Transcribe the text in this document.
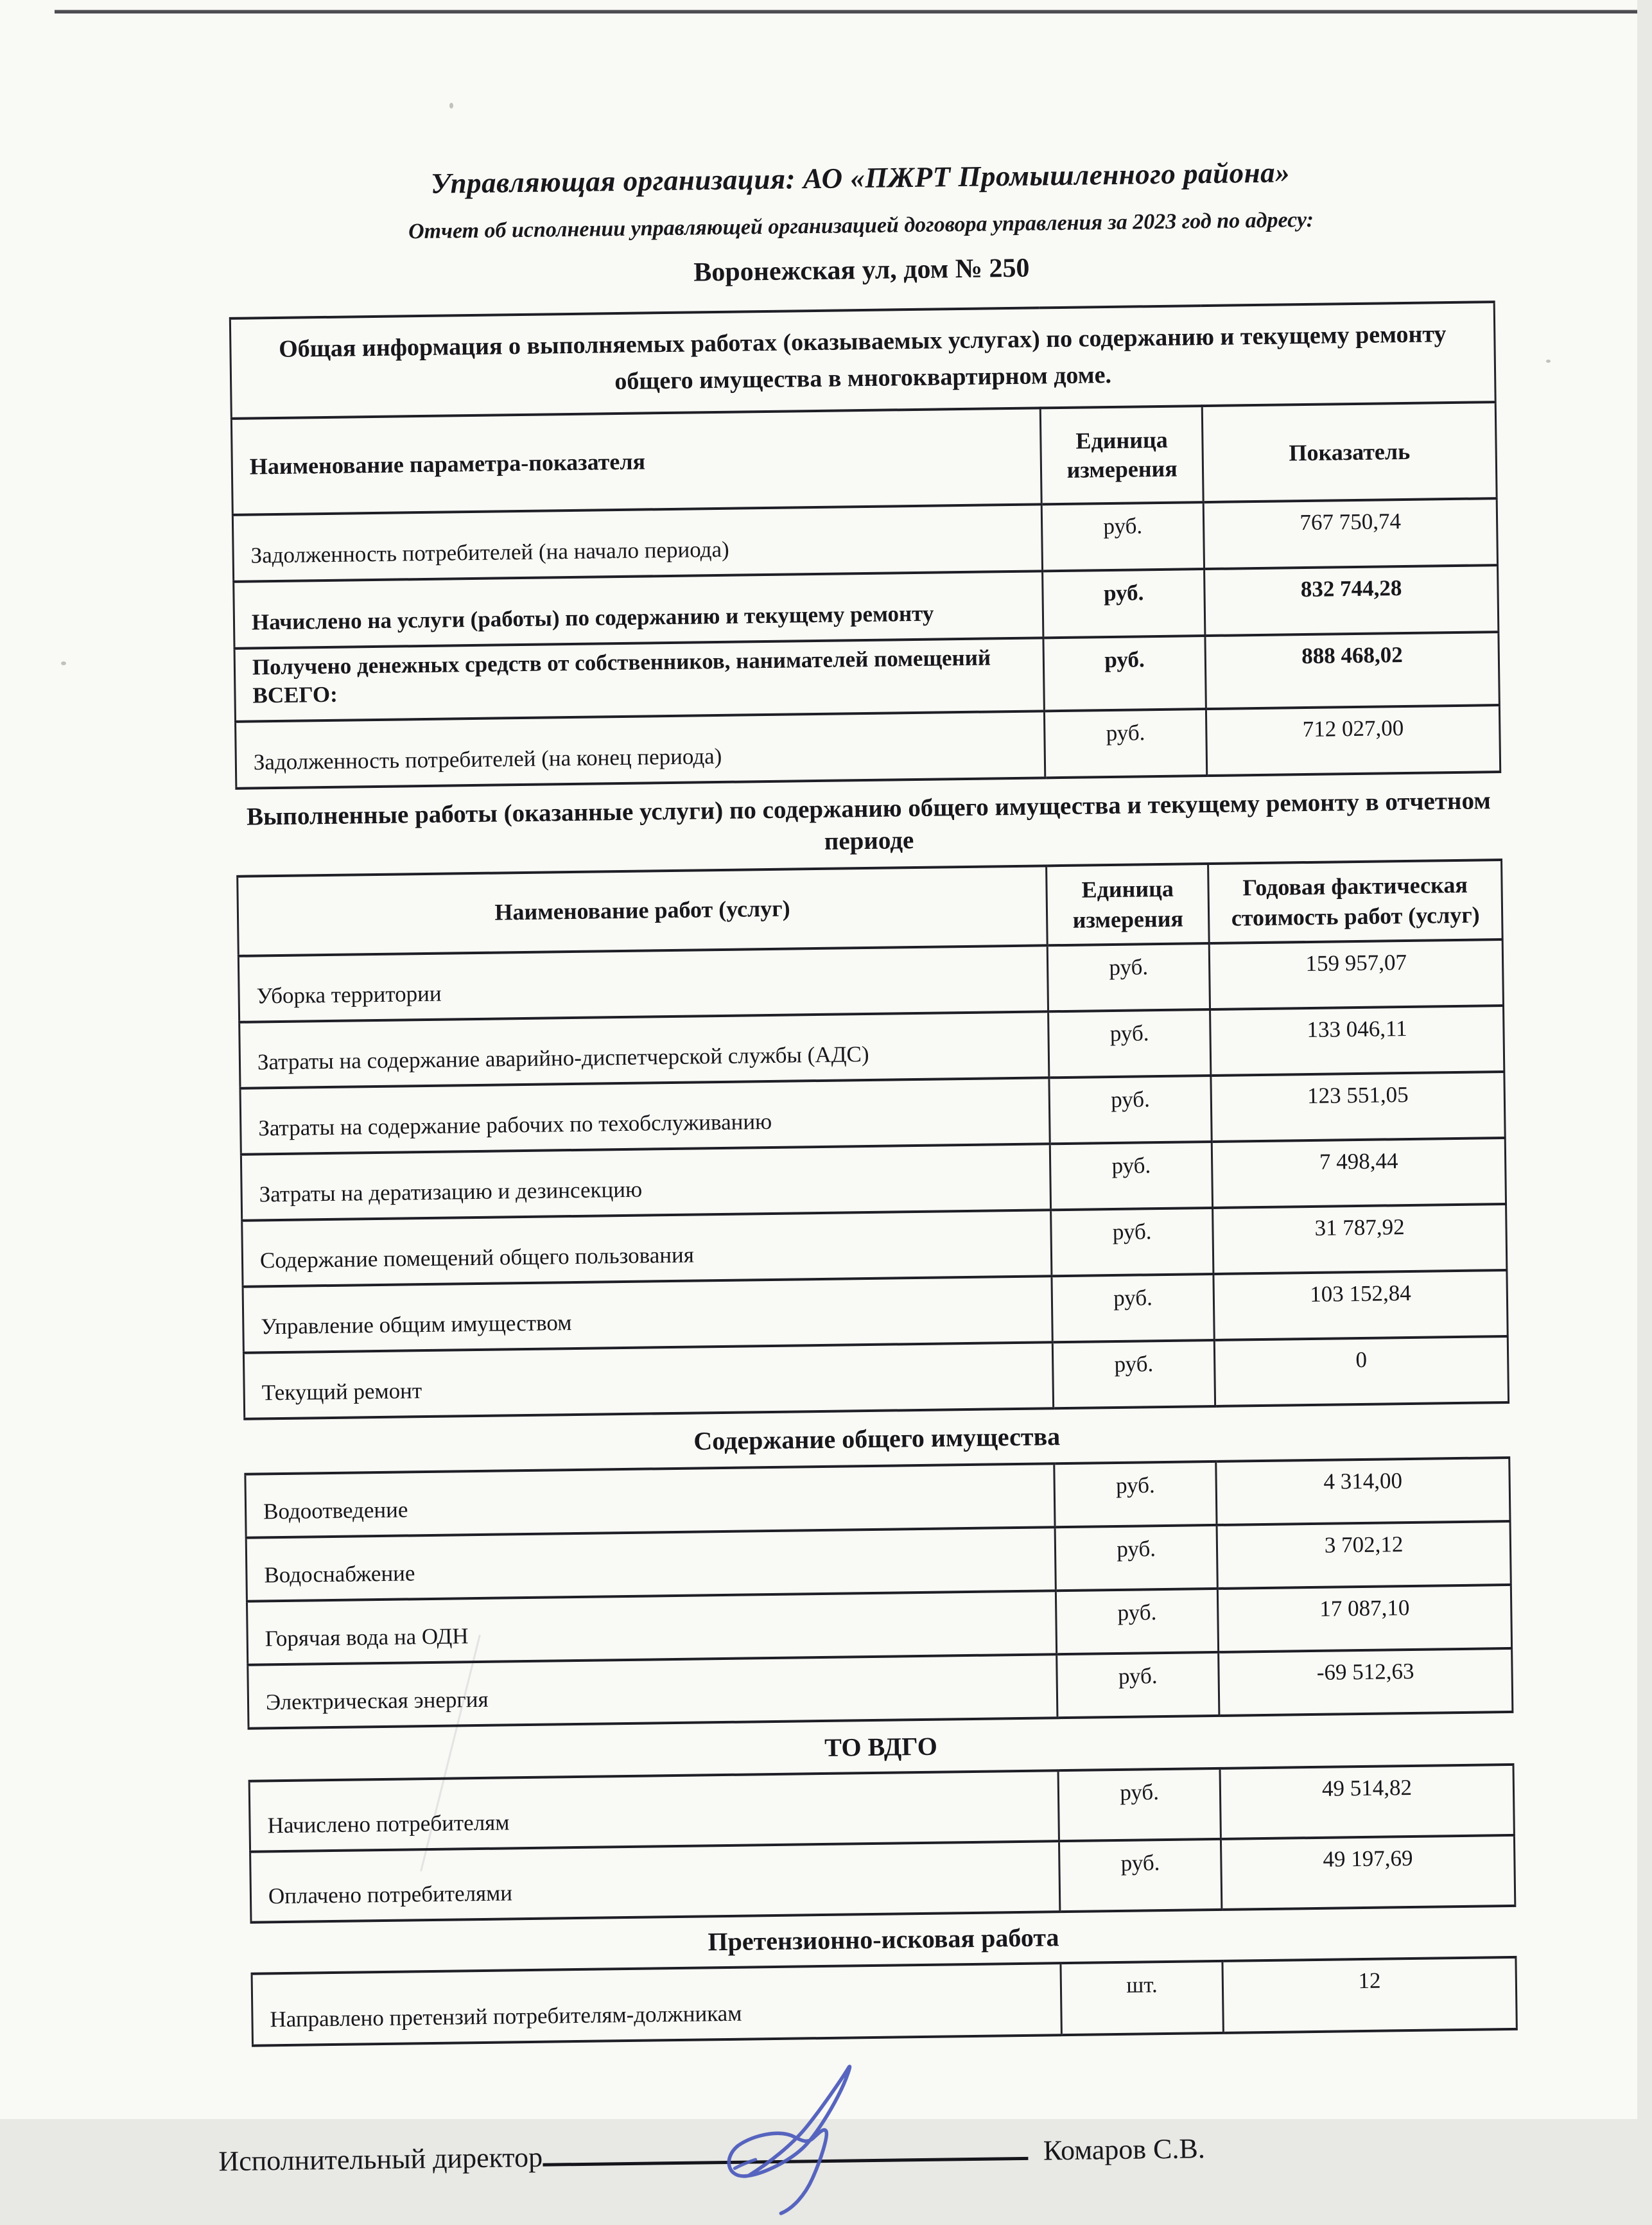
Управляющая организация: АО «ПЖРТ Промышленного района»
Отчет об исполнении управляющей организацией договора управления за 2023 год по адресу:
Воронежская ул, дом № 250
Общая информация о выполняемых работах (оказываемых услугах) по содержанию и текущему ремонту общего имущества в многоквартирном доме.		
Наименование параметра-показателя	Единица измерения	Показатель
Задолженность потребителей (на начало периода)	руб.	767 750,74
Начислено на услуги (работы) по содержанию и текущему ремонту	руб.	832 744,28
Получено денежных средств от собственников, нанимателей помещений ВСЕГО:	руб.	888 468,02
Задолженность потребителей (на конец периода)	руб.	712 027,00
Выполненные работы (оказанные услуги) по содержанию общего имущества и текущему ремонту в отчетном периоде
Наименование работ (услуг)	Единица измерения	Годовая фактическая стоимость работ (услуг)
Уборка территории	руб.	159 957,07
Затраты на содержание аварийно-диспетчерской службы (АДС)	руб.	133 046,11
Затраты на содержание рабочих по техобслуживанию	руб.	123 551,05
Затраты на дератизацию и дезинсекцию	руб.	7 498,44
Содержание помещений общего пользования	руб.	31 787,92
Управление общим имуществом	руб.	103 152,84
Текущий ремонт	руб.	0
Содержание общего имущества
Водоотведение	руб.	4 314,00
Водоснабжение	руб.	3 702,12
Горячая вода на ОДН	руб.	17 087,10
Электрическая энергия	руб.	-69 512,63
ТО ВДГО
Начислено потребителям	руб.	49 514,82
Оплачено потребителями	руб.	49 197,69
Претензионно-исковая работа
Направлено претензий потребителям-должникам	шт.	12
Исполнительный директор	Комаров С.В.
